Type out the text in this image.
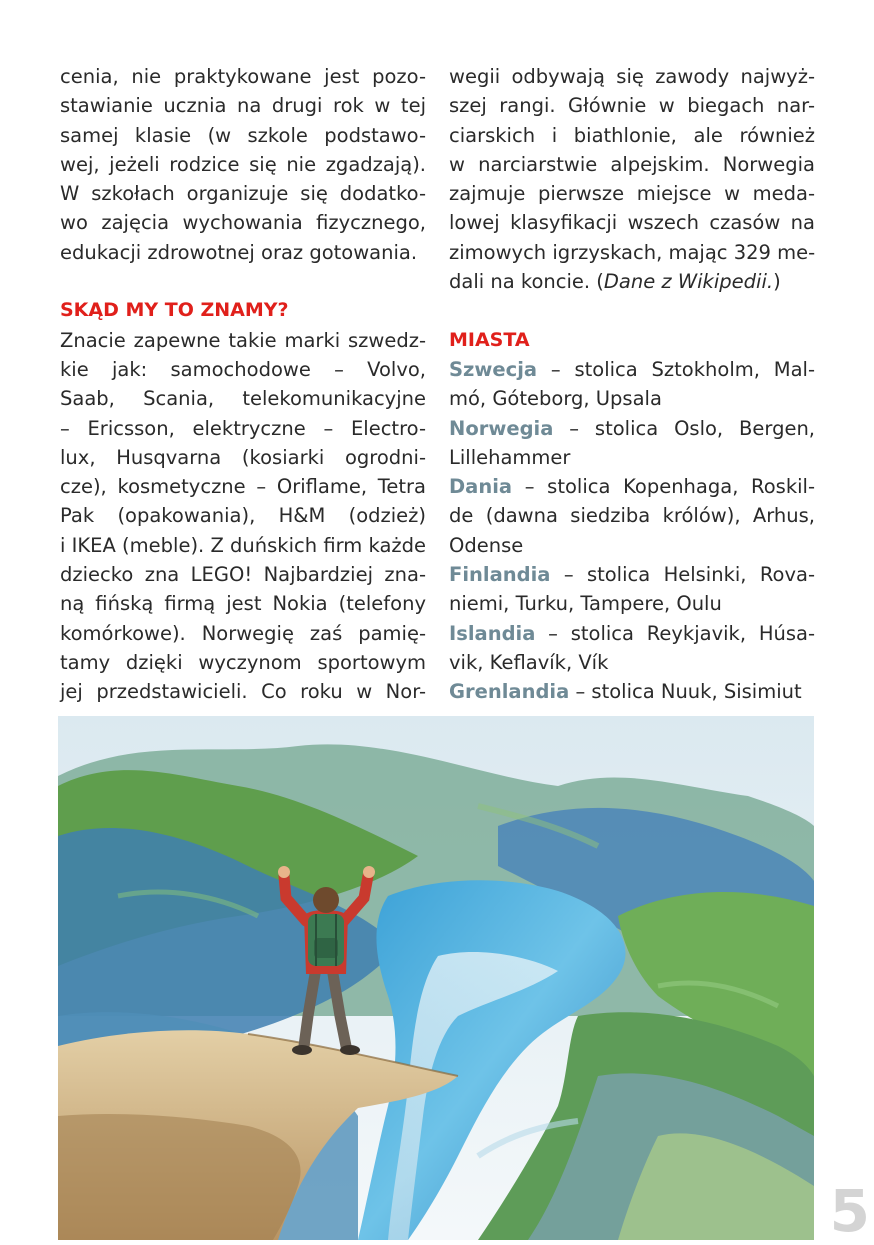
cenia, nie praktykowane jest pozo-
stawianie ucznia na drugi rok w tej
samej klasie (w szkole podstawo-
wej, jeżeli rodzice się nie zgadzają).
W szkołach organizuje się dodatko-
wo zajęcia wychowania fizycznego,
edukacji zdrowotnej oraz gotowania.
SKĄD MY TO ZNAMY?
Znacie zapewne takie marki szwedz-
kie jak: samochodowe – Volvo,
Saab, Scania, telekomunikacyjne
– Ericsson, elektryczne – Electro-
lux, Husqvarna (kosiarki ogrodni-
cze), kosmetyczne – Oriflame, Tetra
Pak (opakowania), H&M (odzież)
i IKEA (meble). Z duńskich firm każde
dziecko zna LEGO! Najbardziej zna-
ną fińską firmą jest Nokia (telefony
komórkowe). Norwegię zaś pamię-
tamy dzięki wyczynom sportowym
jej przedstawicieli. Co roku w Nor-
wegii odbywają się zawody najwyż-
szej rangi. Głównie w biegach nar-
ciarskich i biathlonie, ale również
w narciarstwie alpejskim. Norwegia
zajmuje pierwsze miejsce w meda-
lowej klasyfikacji wszech czasów na
zimowych igrzyskach, mając 329 me-
dali na koncie. (Dane z Wikipedii.)
MIASTA
Szwecja – stolica Sztokholm, Mal-
mó, Góteborg, Upsala
Norwegia – stolica Oslo, Bergen,
Lillehammer
Dania – stolica Kopenhaga, Roskil-
de (dawna siedziba królów), Arhus,
Odense
Finlandia – stolica Helsinki, Rova-
niemi, Turku, Tampere, Oulu
Islandia – stolica Reykjavik, Húsa-
vik, Keflavík, Vík
Grenlandia – stolica Nuuk, Sisimiut
5
